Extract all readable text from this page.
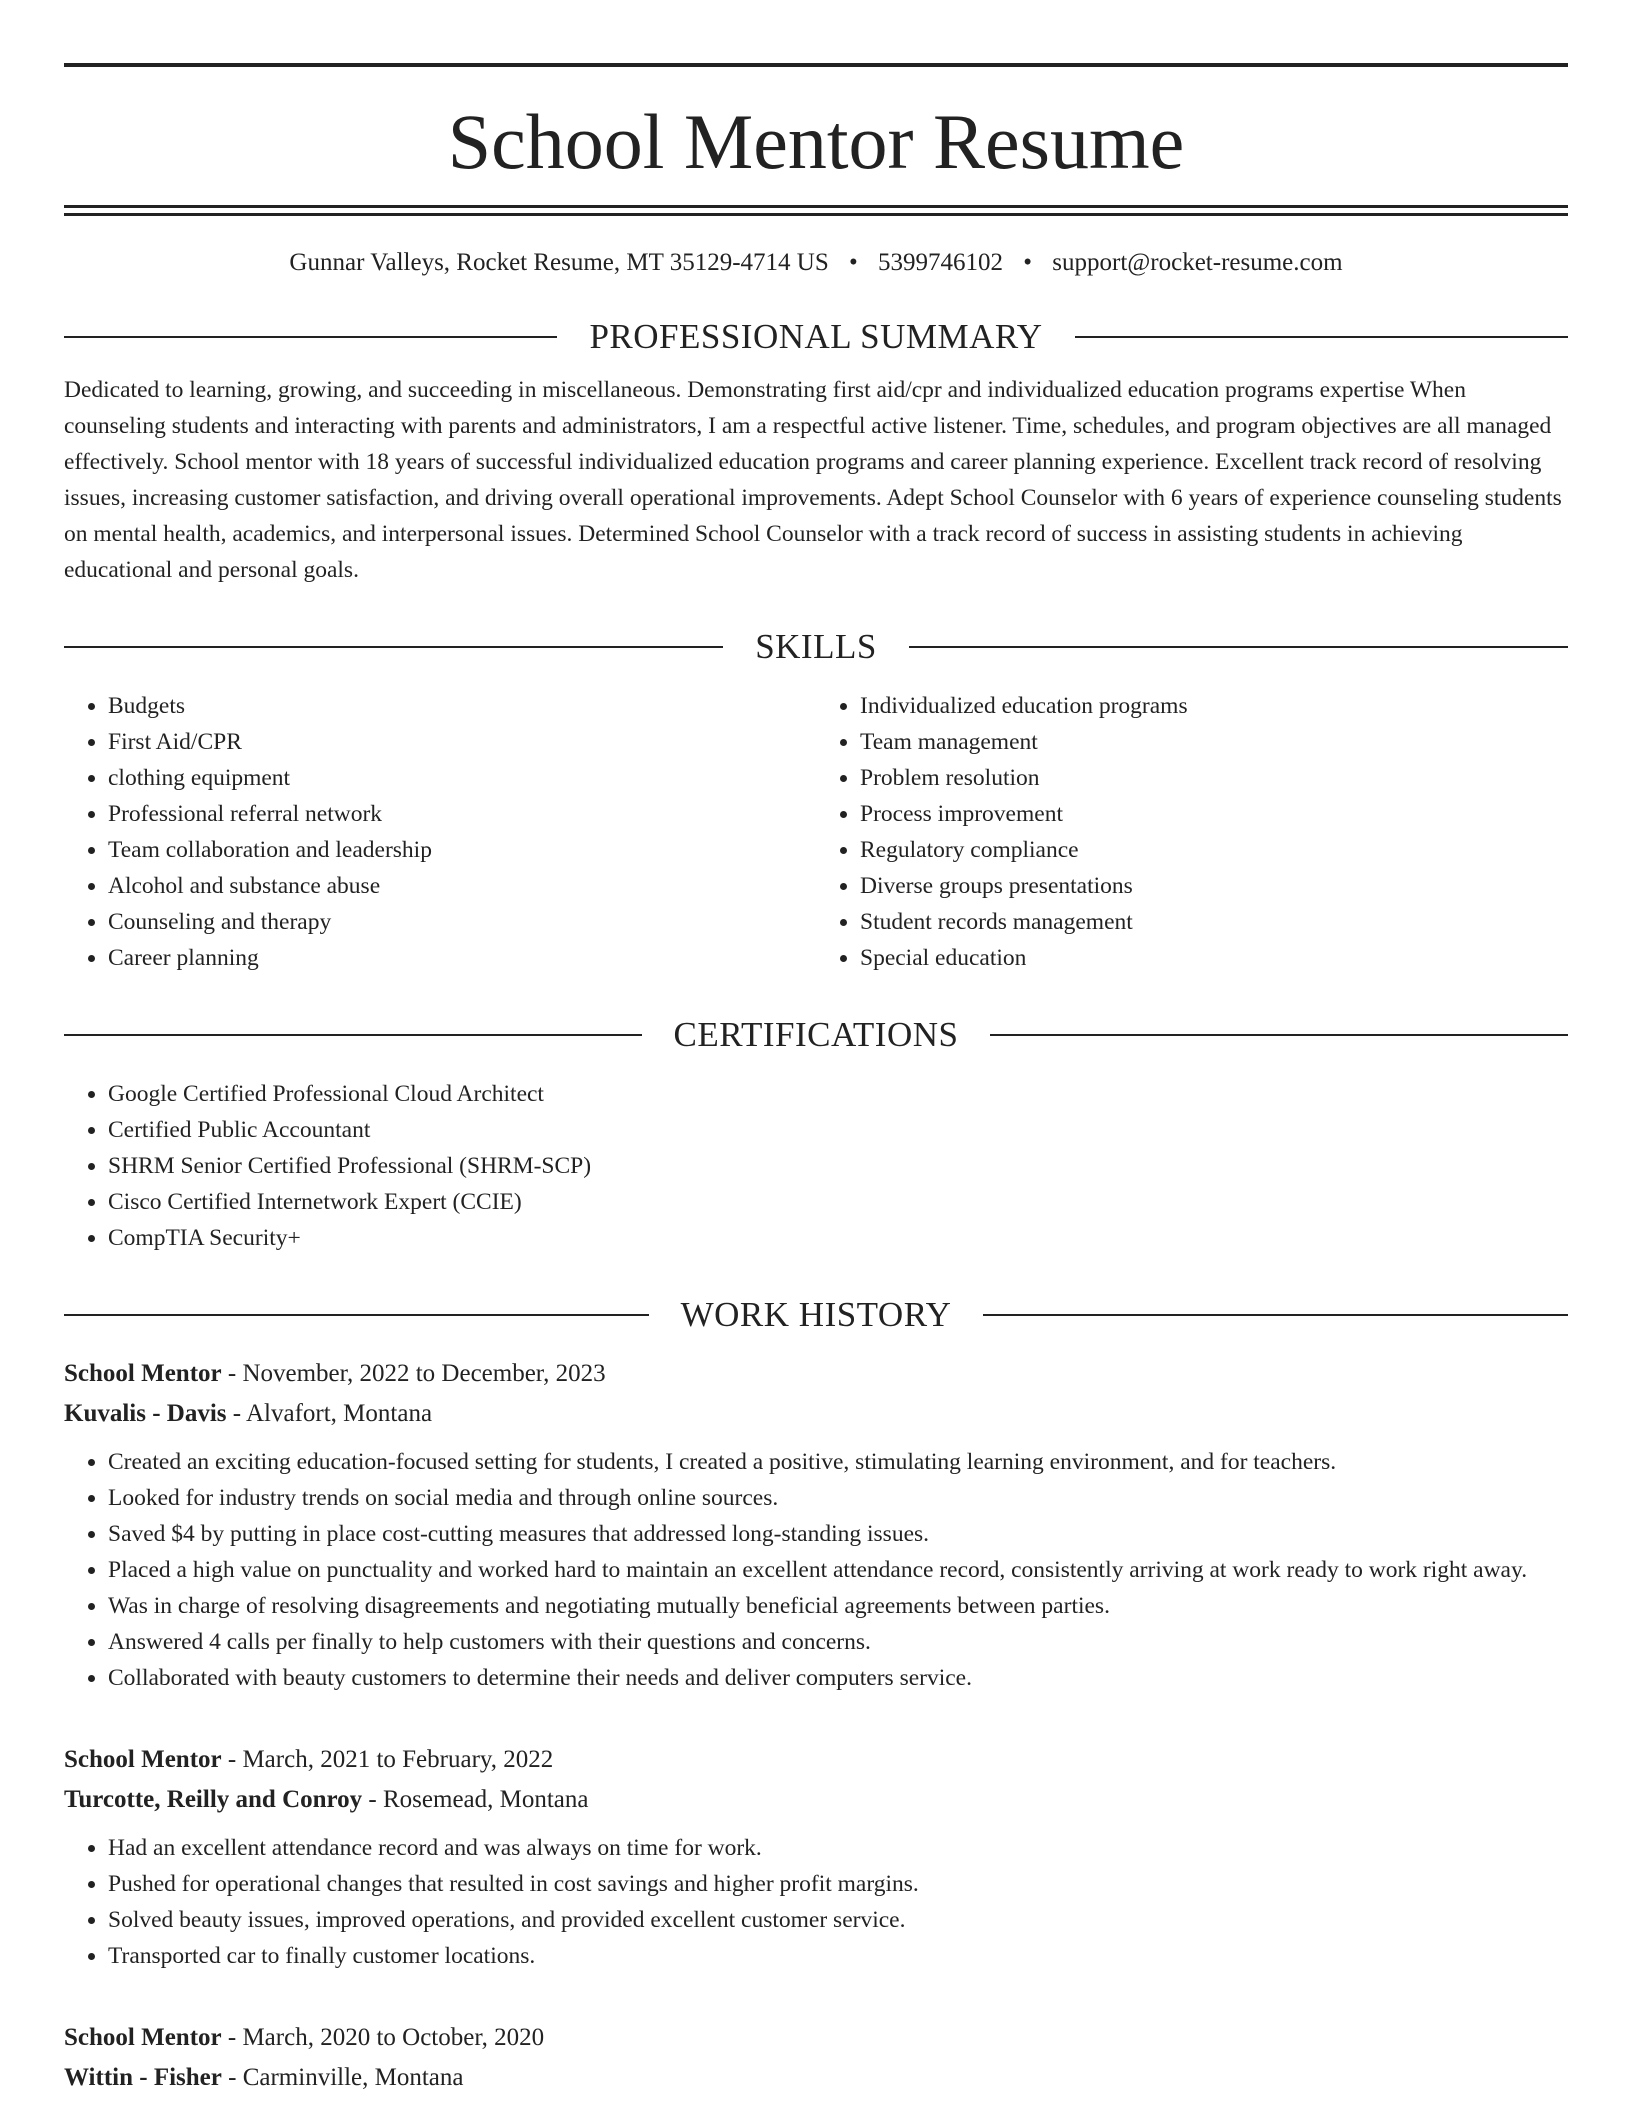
School Mentor Resume
Gunnar Valleys, Rocket Resume, MT 35129-4714 US • 5399746102 • support@rocket-resume.com
PROFESSIONAL SUMMARY

Dedicated to learning, growing, and succeeding in miscellaneous. Demonstrating first aid/cpr and individualized education programs expertise When counseling students and interacting with parents and administrators, I am a respectful active listener. Time, schedules, and program objectives are all managed effectively. School mentor with 18 years of successful individualized education programs and career planning experience. Excellent track record of resolving issues, increasing customer satisfaction, and driving overall operational improvements. Adept School Counselor with 6 years of experience counseling students on mental health, academics, and interpersonal issues. Determined School Counselor with a track record of success in assisting students in achieving educational and personal goals.

SKILLS
• Budgets
• First Aid/CPR
• clothing equipment
• Professional referral network
• Team collaboration and leadership
• Alcohol and substance abuse
• Counseling and therapy
• Career planning
• Individualized education programs
• Team management
• Problem resolution
• Process improvement
• Regulatory compliance
• Diverse groups presentations
• Student records management
• Special education
CERTIFICATIONS
• Google Certified Professional Cloud Architect
• Certified Public Accountant
• SHRM Senior Certified Professional (SHRM-SCP)
• Cisco Certified Internetwork Expert (CCIE)
• CompTIA Security+
WORK HISTORY
School Mentor - November, 2022 to December, 2023
Kuvalis - Davis - Alvafort, Montana
• Created an exciting education-focused setting for students, I created a positive, stimulating learning environment, and for teachers.
• Looked for industry trends on social media and through online sources.
• Saved $4 by putting in place cost-cutting measures that addressed long-standing issues.
• Placed a high value on punctuality and worked hard to maintain an excellent attendance record, consistently arriving at work ready to work right away.
• Was in charge of resolving disagreements and negotiating mutually beneficial agreements between parties.
• Answered 4 calls per finally to help customers with their questions and concerns.
• Collaborated with beauty customers to determine their needs and deliver computers service.
School Mentor - March, 2021 to February, 2022
Turcotte, Reilly and Conroy - Rosemead, Montana
• Had an excellent attendance record and was always on time for work.
• Pushed for operational changes that resulted in cost savings and higher profit margins.
• Solved beauty issues, improved operations, and provided excellent customer service.
• Transported car to finally customer locations.
School Mentor - March, 2020 to October, 2020
Wittin - Fisher - Carminville, Montana
